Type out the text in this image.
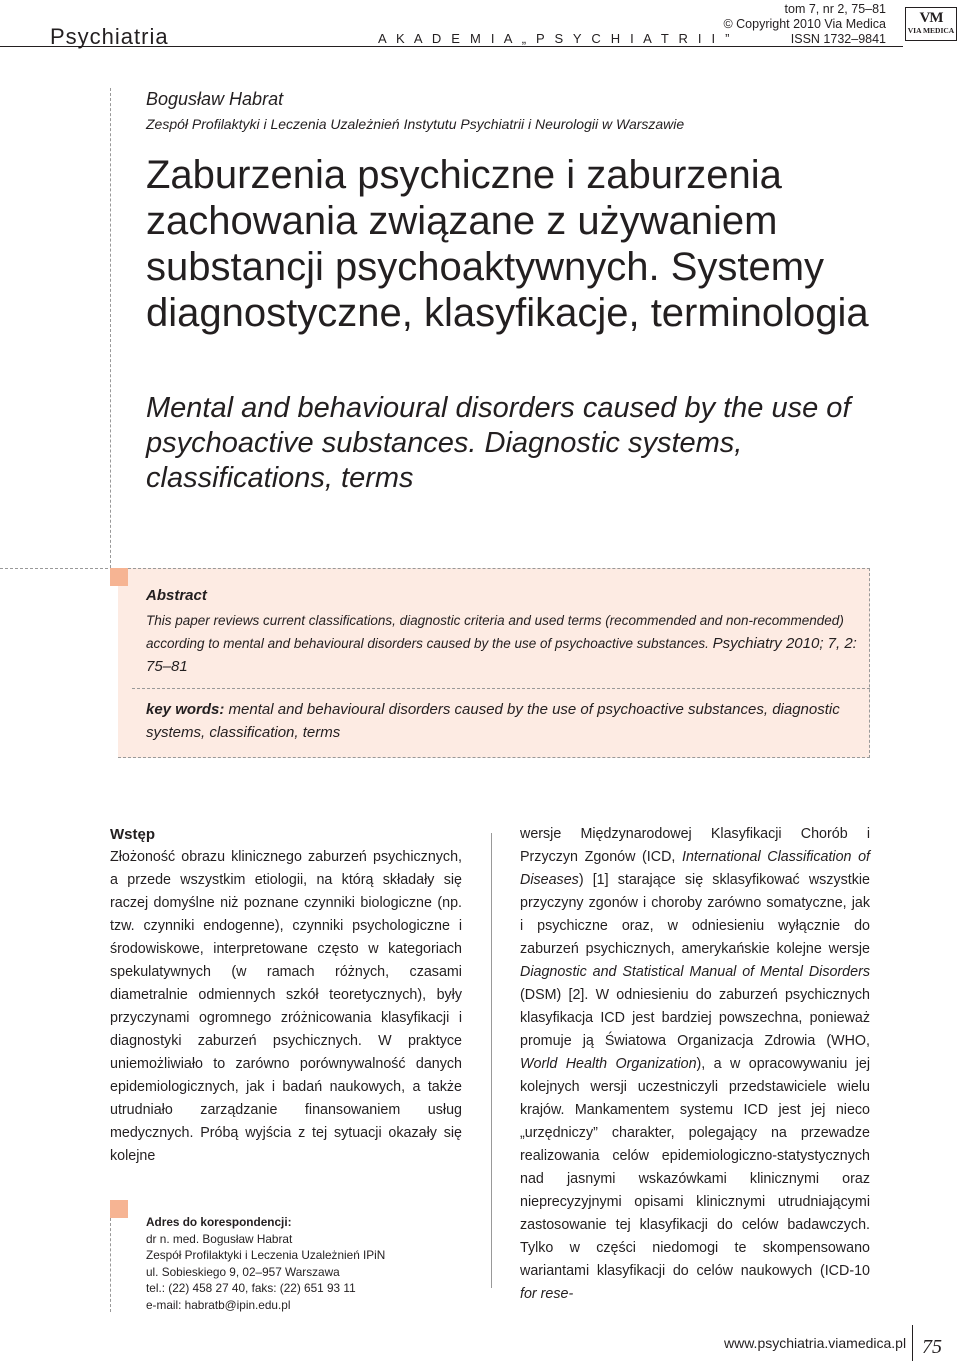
Psychiatria	A K A D E M I A „ P S Y C H I A T R I I ”
tom 7, nr 2, 75–81
© Copyright 2010 Via Medica
ISSN 1732–9841
VM
VIA MEDICA
Bogusław Habrat
Zespół Profilaktyki i Leczenia Uzależnień Instytutu Psychiatrii i Neurologii w Warszawie
Zaburzenia psychiczne i zaburzenia zachowania związane z używaniem substancji psychoaktywnych. Systemy diagnostyczne, klasyfikacje, terminologia
Mental and behavioural disorders caused by the use of psychoactive substances. Diagnostic systems, classifications, terms
Abstract
This paper reviews current classifications, diagnostic criteria and used terms (recommended and non-recommended) according to mental and behavioural disorders caused by the use of psychoactive substances. Psychiatry 2010; 7, 2: 75–81
key words: mental and behavioural disorders caused by the use of psychoactive substances, diagnostic systems, classification, terms
Wstęp

Złożoność obrazu klinicznego zaburzeń psychicznych, a przede wszystkim etiologii, na którą składały się raczej domyślne niż poznane czynniki biologiczne (np. tzw. czynniki endogenne), czynniki psychologiczne i środowiskowe, interpretowane często w kategoriach spekulatywnych (w ramach różnych, czasami diametralnie odmiennych szkół teoretycznych), były przyczynami ogromnego zróżnicowania klasyfikacji i diagnostyki zaburzeń psychicznych. W praktyce uniemożliwiało to zarówno porównywalność danych epidemiologicznych, jak i badań naukowych, a także utrudniało zarządzanie finansowaniem usług medycznych. Próbą wyjścia z tej sytuacji okazały się kolejne

wersje Międzynarodowej Klasyfikacji Chorób i Przyczyn Zgonów (ICD, International Classification of Diseases) [1] starające się sklasyfikować wszystkie przyczyny zgonów i choroby zarówno somatyczne, jak i psychiczne oraz, w odniesieniu wyłącznie do zaburzeń psychicznych, amerykańskie kolejne wersje Diagnostic and Statistical Manual of Mental Disorders (DSM) [2]. W odniesieniu do zaburzeń psychicznych klasyfikacja ICD jest bardziej powszechna, ponieważ promuje ją Światowa Organizacja Zdrowia (WHO, World Health Organization), a w opracowywaniu jej kolejnych wersji uczestniczyli przedstawiciele wielu krajów. Mankamentem systemu ICD jest jej nieco „urzędniczy” charakter, polegający na przewadze realizowania celów epidemiologiczno-statystycznych nad jasnymi wskazówkami klinicznymi oraz nieprecyzyjnymi opisami klinicznymi utrudniającymi zastosowanie tej klasyfikacji do celów badawczych. Tylko w części niedomogi te skompensowano wariantami klasyfikacji do celów naukowych (ICD-10 for rese-

Adres do korespondencji:
dr n. med. Bogusław Habrat
Zespół Profilaktyki i Leczenia Uzależnień IPiN
ul. Sobieskiego 9, 02–957 Warszawa
tel.: (22) 458 27 40, faks: (22) 651 93 11
e-mail: habratb@ipin.edu.pl
www.psychiatria.viamedica.pl 75
